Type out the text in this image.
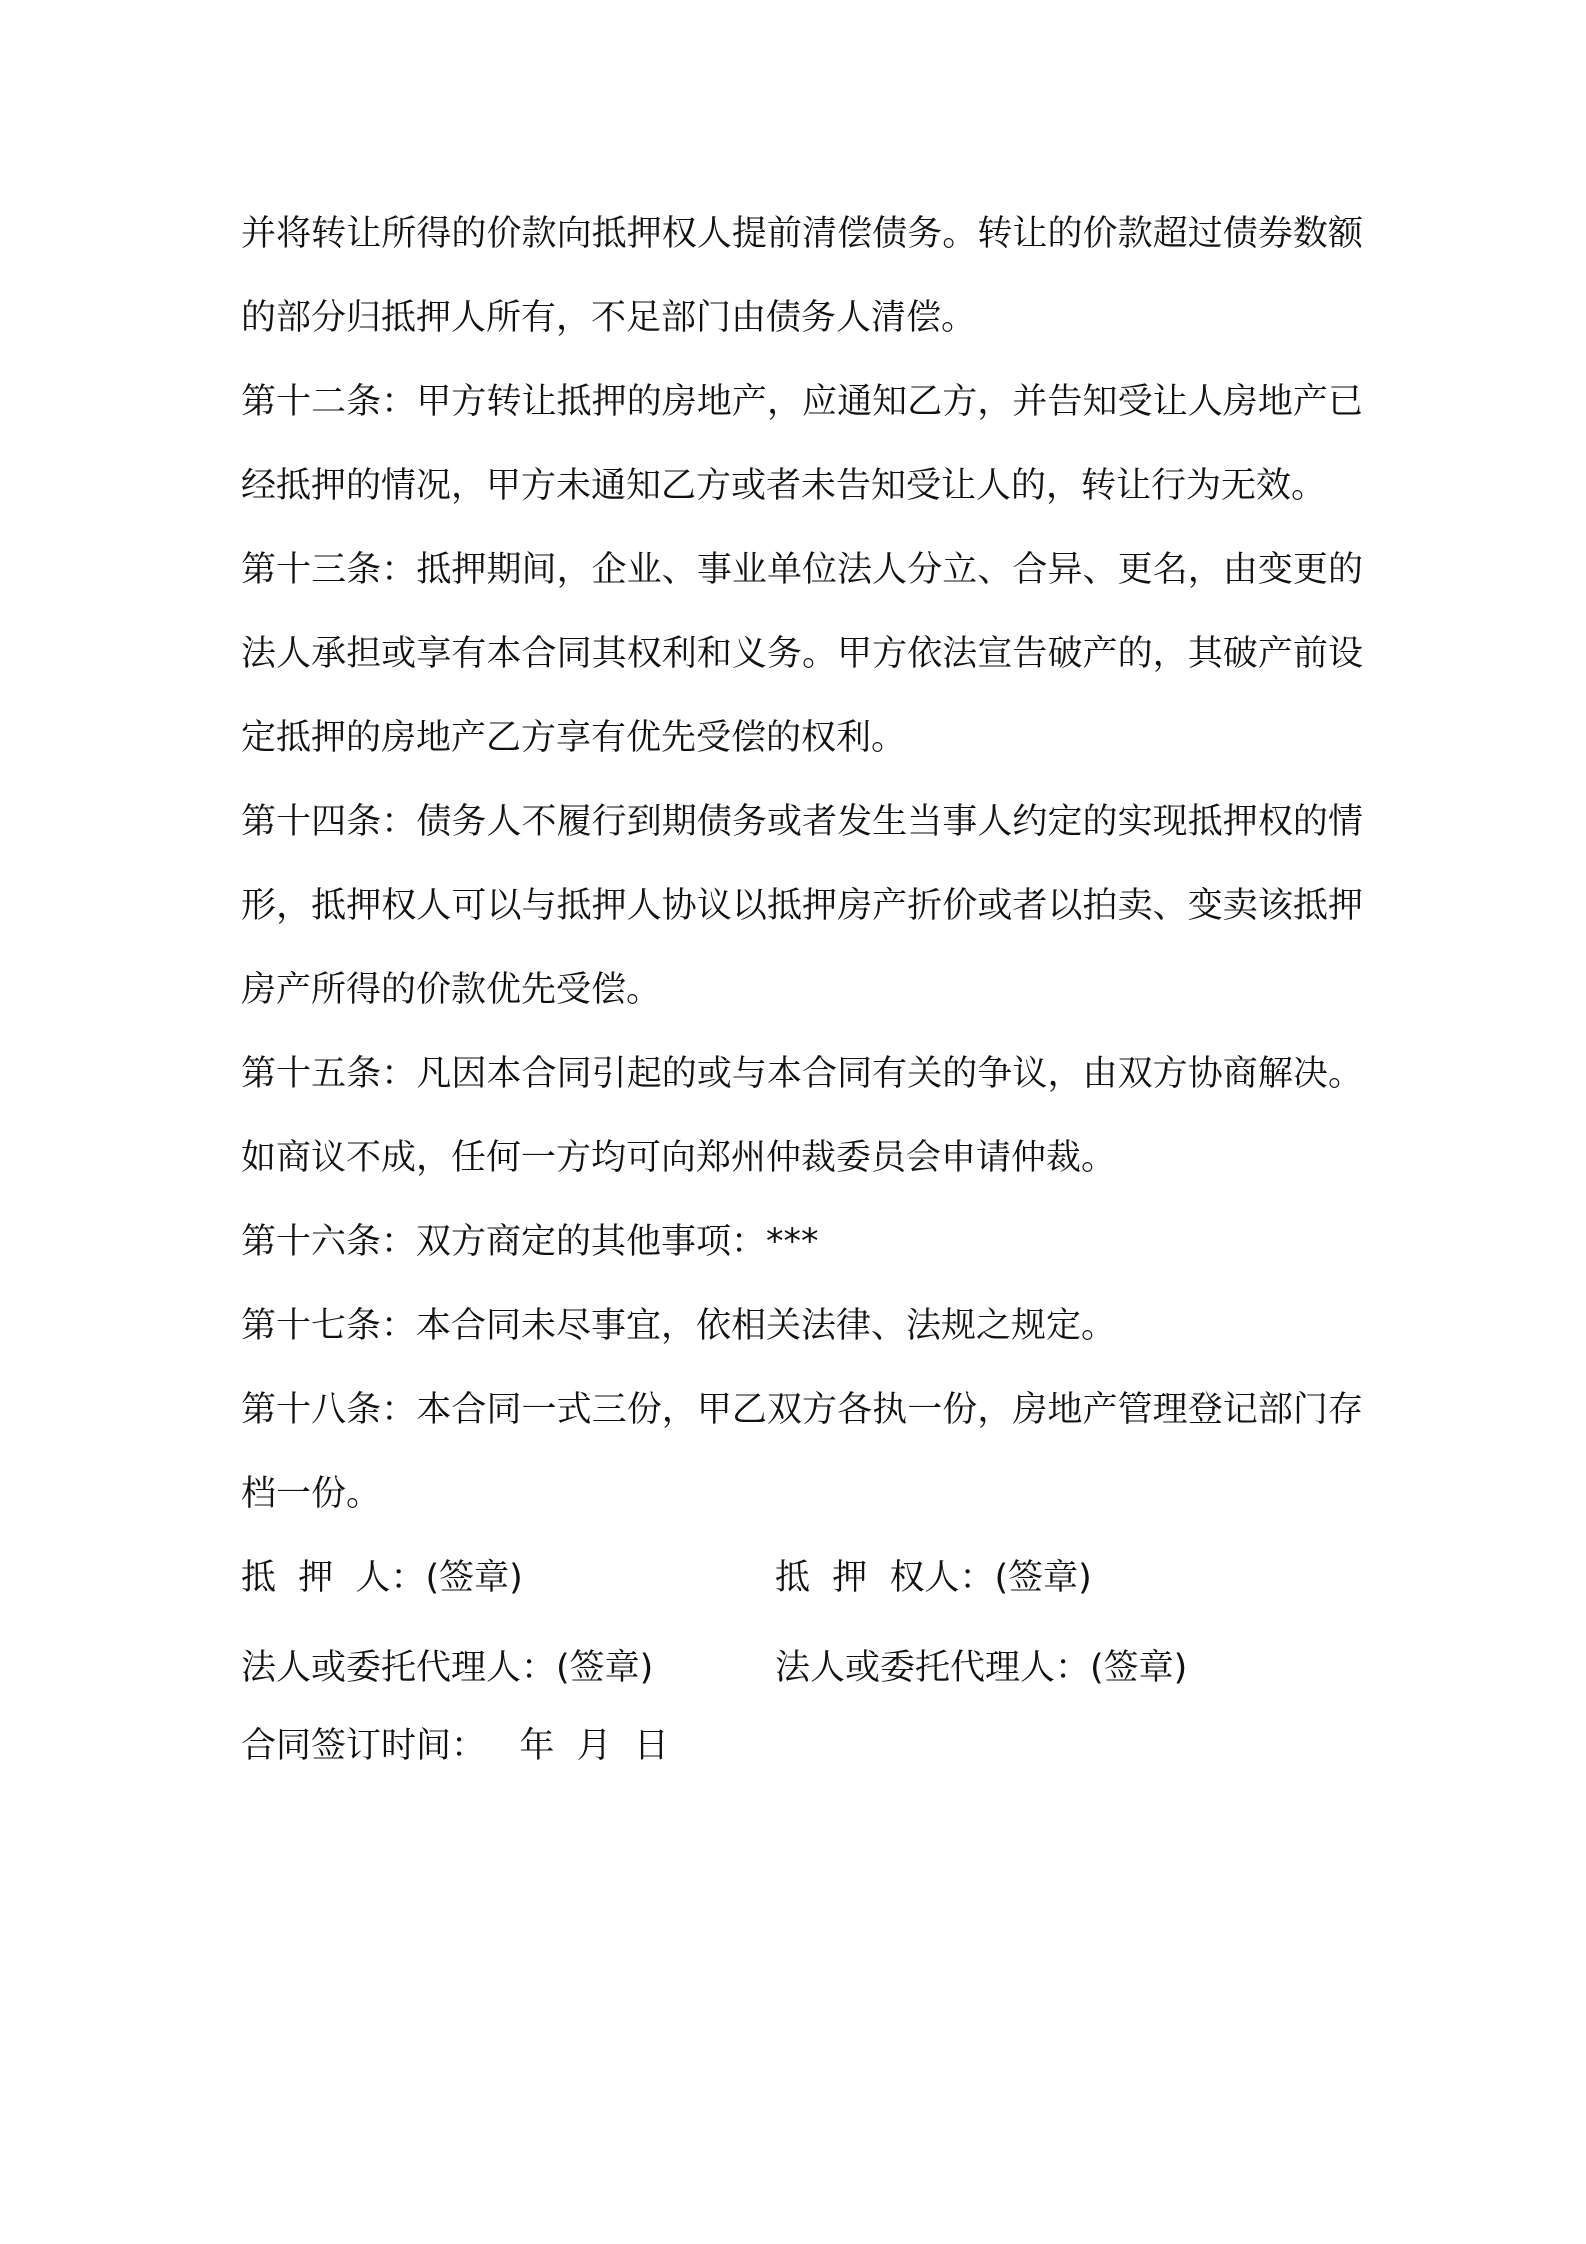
并将转让所得的价款向抵押权人提前清偿债务。转让的价款超过债券数额的部分归抵押人所有，不足部门由债务人清偿。

第十二条：甲方转让抵押的房地产，应通知乙方，并告知受让人房地产已经抵押的情况，甲方未通知乙方或者未告知受让人的，转让行为无效。

第十三条：抵押期间，企业、事业单位法人分立、合异、更名，由变更的法人承担或享有本合同其权利和义务。甲方依法宣告破产的，其破产前设定抵押的房地产乙方享有优先受偿的权利。

第十四条：债务人不履行到期债务或者发生当事人约定的实现抵押权的情形，抵押权人可以与抵押人协议以抵押房产折价或者以拍卖、变卖该抵押房产所得的价款优先受偿。

第十五条：凡因本合同引起的或与本合同有关的争议，由双方协商解决。如商议不成，任何一方均可向郑州仲裁委员会申请仲裁。

第十六条：双方商定的其他事项：***

第十七条：本合同未尽事宜，依相关法律、法规之规定。

第十八条：本合同一式三份，甲乙双方各执一份，房地产管理登记部门存档一份。

抵  押  人：(签章)	抵  押  权人：(签章)
法人或委托代理人：(签章)	法人或委托代理人：(签章)
合同签订时间：   年  月  日
